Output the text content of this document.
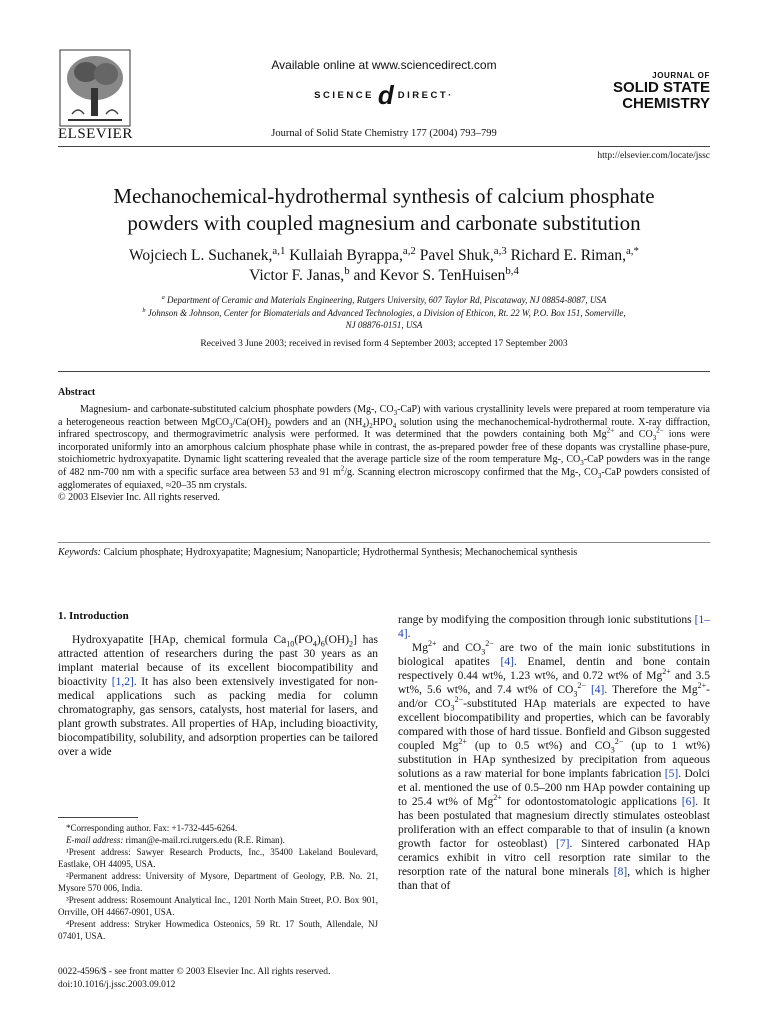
ELSEVIER
Available online at www.sciencedirect.com
SCIENCE d DIRECT·
Journal of Solid State Chemistry 177 (2004) 793–799
JOURNAL OF
SOLID STATE
CHEMISTRY
http://elsevier.com/locate/jssc
Mechanochemical-hydrothermal synthesis of calcium phosphate
powders with coupled magnesium and carbonate substitution
Wojciech L. Suchanek,$^{a,1}$ Kullaiah Byrappa,$^{a,2}$ Pavel Shuk,$^{a,3}$ Richard E. Riman,$^{a,*}$
Victor F. Janas,$^b$ and Kevor S. TenHuisen$^{b,4}$
$^a$ Department of Ceramic and Materials Engineering, Rutgers University, 607 Taylor Rd, Piscataway, NJ 08854-8087, USA
$^b$ Johnson & Johnson, Center for Biomaterials and Advanced Technologies, a Division of Ethicon, Rt. 22 W, P.O. Box 151, Somerville,
NJ 08876-0151, USA
Received 3 June 2003; received in revised form 4 September 2003; accepted 17 September 2003
Abstract

Magnesium- and carbonate-substituted calcium phosphate powders (Mg-, $CO_3-CaP$) with various crystallinity levels were prepared at room temperature via a heterogeneous reaction between $MgCO_3/Ca(OH)_2$ powders and an $(NH_4)_2HPO_4$ solution using the mechanochemical-hydrothermal route. X-ray diffraction, infrared spectroscopy, and thermogravimetric analysis were performed. It was determined that the powders containing both $Mg^{2+}$ and $CO_3^{2-}$ ions were incorporated uniformly into an amorphous calcium phosphate phase while in contrast, the as-prepared powder free of these dopants was crystalline phase-pure, stoichiometric hydroxyapatite. Dynamic light scattering revealed that the average particle size of the room temperature Mg-, $CO_3$-CaP powders was in the range of 482 nm-700 nm with a specific surface area between 53 and 91 $m^2/g$. Scanning electron microscopy confirmed that the Mg-, $CO_3$-CaP powders consisted of agglomerates of equiaxed, ≈20–35 nm crystals.
© 2003 Elsevier Inc. All rights reserved.

Keywords: Calcium phosphate; Hydroxyapatite; Magnesium; Nanoparticle; Hydrothermal Synthesis; Mechanochemical synthesis
1. Introduction

Hydroxyapatite [HAp, chemical formula $Ca_{10}(PO_4)_6(OH)_2$] has attracted attention of researchers during the past 30 years as an implant material because of its excellent biocompatibility and bioactivity [1,2]. It has also been extensively investigated for non-medical applications such as packing media for column chromatography, gas sensors, catalysts, host material for lasers, and plant growth substrates. All properties of HAp, including bioactivity, biocompatibility, solubility, and adsorption properties can be tailored over a wide

*Corresponding author. Fax: +1-732-445-6264.

E-mail address: riman@e-mail.rci.rutgers.edu (R.E. Riman).

¹Present address: Sawyer Research Products, Inc., 35400 Lakeland Boulevard, Eastlake, OH 44095, USA.

²Permanent address: University of Mysore, Department of Geology, P.B. No. 21, Mysore 570 006, India.

³Present address: Rosemount Analytical Inc., 1201 North Main Street, P.O. Box 901, Orrville, OH 44667-0901, USA.

⁴Present address: Stryker Howmedica Osteonics, 59 Rt. 17 South, Allendale, NJ 07401, USA.

0022-4596/$ - see front matter © 2003 Elsevier Inc. All rights reserved.
doi:10.1016/j.jssc.2003.09.012

range by modifying the composition through ionic substitutions [1–4].

$Mg^{2+}$ and $CO_3^{2-}$ are two of the main ionic substitutions in biological apatites [4]. Enamel, dentin and bone contain respectively 0.44 wt%, 1.23 wt%, and 0.72 wt% of $Mg^{2+}$ and 3.5 wt%, 5.6 wt%, and 7.4 wt% of $CO_3^{2-}$ [4]. Therefore the $Mg^{2+}-$ and/or $CO_3^{2-}$-substituted HAp materials are expected to have excellent biocompatibility and properties, which can be favorably compared with those of hard tissue. Bonfield and Gibson suggested coupled $Mg^{2+}$ (up to 0.5 wt%) and $CO_3^{2-}$ (up to 1 wt%) substitution in HAp synthesized by precipitation from aqueous solutions as a raw material for bone implants fabrication [5]. Dolci et al. mentioned the use of 0.5–200 nm HAp powder containing up to 25.4 wt% of $Mg^{2+}$ for odontostomatologic applications [6]. It has been postulated that magnesium directly stimulates osteoblast proliferation with an effect comparable to that of insulin (a known growth factor for osteoblast) [7]. Sintered carbonated HAp ceramics exhibit in vitro cell resorption rate similar to the resorption rate of the natural bone minerals [8], which is higher than that of
